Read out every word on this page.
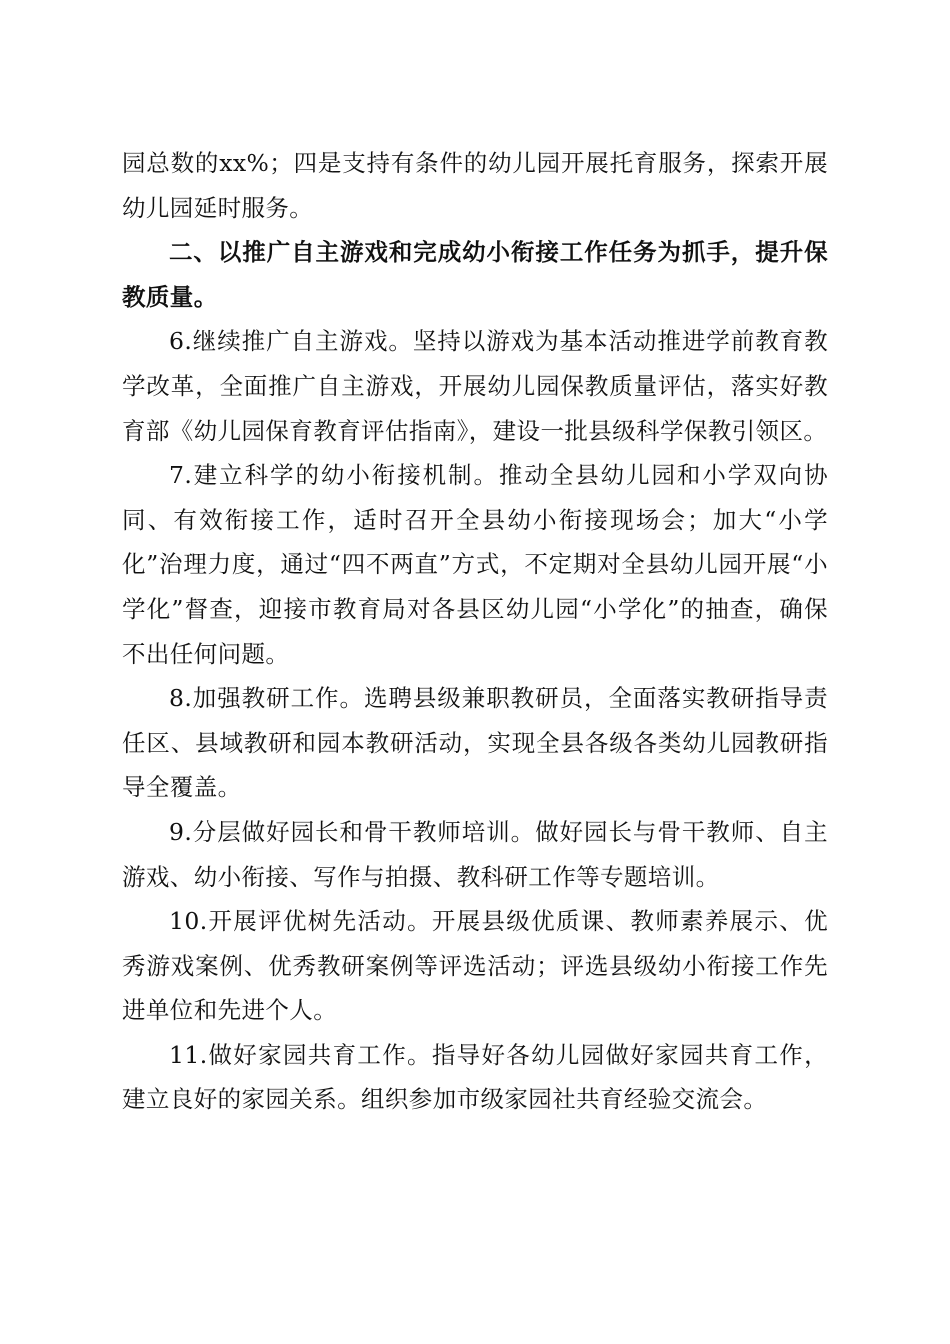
园总数的xx%；四是支持有条件的幼儿园开展托育服务，探索开展幼儿园延时服务。

二、以推广自主游戏和完成幼小衔接工作任务为抓手，提升保教质量。

6.继续推广自主游戏。坚持以游戏为基本活动推进学前教育教学改革，全面推广自主游戏，开展幼儿园保教质量评估，落实好教育部《幼儿园保育教育评估指南》，建设一批县级科学保教引领区。

7.建立科学的幼小衔接机制。推动全县幼儿园和小学双向协同、有效衔接工作，适时召开全县幼小衔接现场会；加大“小学化”治理力度，通过“四不两直”方式，不定期对全县幼儿园开展“小学化”督查，迎接市教育局对各县区幼儿园“小学化”的抽查，确保不出任何问题。

8.加强教研工作。选聘县级兼职教研员，全面落实教研指导责任区、县域教研和园本教研活动，实现全县各级各类幼儿园教研指导全覆盖。

9.分层做好园长和骨干教师培训。做好园长与骨干教师、自主游戏、幼小衔接、写作与拍摄、教科研工作等专题培训。

10.开展评优树先活动。开展县级优质课、教师素养展示、优秀游戏案例、优秀教研案例等评选活动；评选县级幼小衔接工作先进单位和先进个人。

11.做好家园共育工作。指导好各幼儿园做好家园共育工作，建立良好的家园关系。组织参加市级家园社共育经验交流会。
